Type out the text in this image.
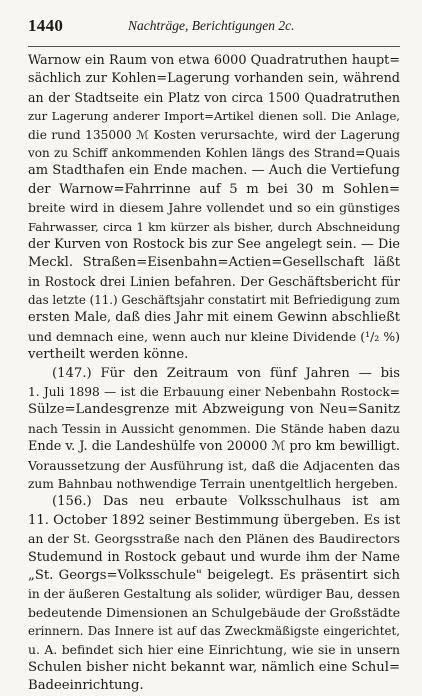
1440	Nachträge, Berichtigungen 2c.
Warnow ein Raum von etwa 6000 Quadratruthen haupt=
sächlich zur Kohlen=Lagerung vorhanden sein, während
an der Stadtseite ein Platz von circa 1500 Quadratruthen
zur Lagerung anderer Import=Artikel dienen soll. Die Anlage,
die rund 135000 ℳ Kosten verursachte, wird der Lagerung
von zu Schiff ankommenden Kohlen längs des Strand=Quais
am Stadthafen ein Ende machen. — Auch die Vertiefung
der Warnow=Fahrrinne auf 5 m bei 30 m Sohlen=
breite wird in diesem Jahre vollendet und so ein günstiges
Fahrwasser, circa 1 km kürzer als bisher, durch Abschneidung
der Kurven von Rostock bis zur See angelegt sein. — Die
Meckl. Straßen=Eisenbahn=Actien=Gesellschaft läßt
in Rostock drei Linien befahren. Der Geschäftsbericht für
das letzte (11.) Geschäftsjahr constatirt mit Befriedigung zum
ersten Male, daß dies Jahr mit einem Gewinn abschließt
und demnach eine, wenn auch nur kleine Dividende (¹/₂ %)
vertheilt werden könne.
(147.) Für den Zeitraum von fünf Jahren — bis
1. Juli 1898 — ist die Erbauung einer Nebenbahn Rostock=
Sülze=Landesgrenze mit Abzweigung von Neu=Sanitz
nach Tessin in Aussicht genommen. Die Stände haben dazu
Ende v. J. die Landeshülfe von 20000 ℳ pro km bewilligt.
Voraussetzung der Ausführung ist, daß die Adjacenten das
zum Bahnbau nothwendige Terrain unentgeltlich hergeben.
(156.) Das neu erbaute Volksschulhaus ist am
11. October 1892 seiner Bestimmung übergeben. Es ist
an der St. Georgsstraße nach den Plänen des Baudirectors
Studemund in Rostock gebaut und wurde ihm der Name
„St. Georgs=Volksschule" beigelegt. Es präsentirt sich
in der äußeren Gestaltung als solider, würdiger Bau, dessen
bedeutende Dimensionen an Schulgebäude der Großstädte
erinnern. Das Innere ist auf das Zweckmäßigste eingerichtet,
u. A. befindet sich hier eine Einrichtung, wie sie in unsern
Schulen bisher nicht bekannt war, nämlich eine Schul=
Badeeinrichtung.
